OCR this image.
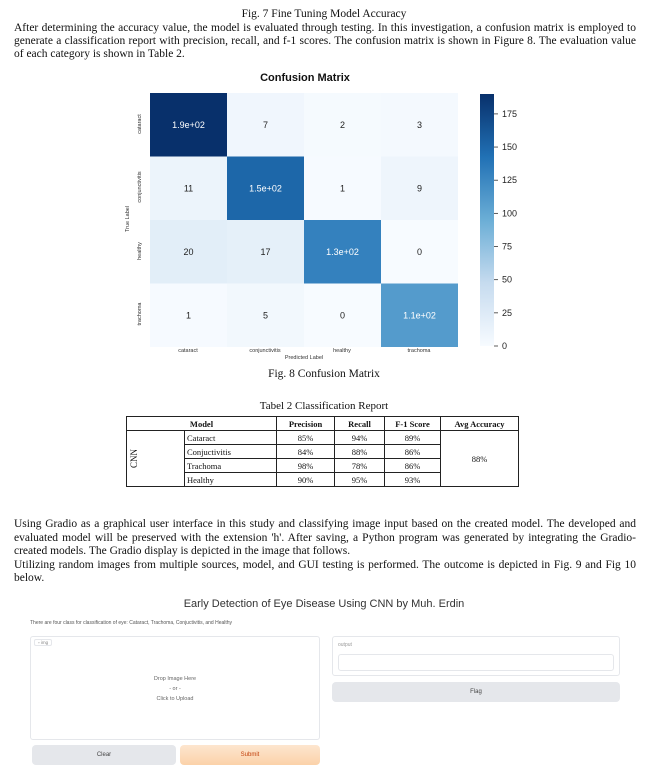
Fig. 7 Fine Tuning Model Accuracy
After determining the accuracy value, the model is evaluated through testing. In this investigation, a confusion matrix is employed to generate a classification report with precision, recall, and f-1 scores. The confusion matrix is shown in Figure 8. The evaluation value of each category is shown in Table 2.
Confusion Matrix
1.9e+02	7	2	3
11	1.5e+02	1	9
20	17	1.3e+02	0
1	5	0	1.1e+02
175
150
125
100
75
50
25
0
cataract
conjunctivitis
healthy
trachoma
True Label
cataract	conjunctivitis	healthy	trachoma
Predicted Label
Fig. 8 Confusion Matrix
Tabel 2 Classification Report
Model		Precision	Recall	F-1 Score	Avg Accuracy

CNN	Cataract	85%	94%	89%	88%
	Conjuctivitis	84%	88%	86%	
	Trachoma	98%	78%	86%	
	Healthy	90%	95%	93%	
Using Gradio as a graphical user interface in this study and classifying image input based on the created model. The developed and evaluated model will be preserved with the extension 'h'. After saving, a Python program was generated by integrating the Gradio-created models. The Gradio display is depicted in the image that follows.
Utilizing random images from multiple sources, model, and GUI testing is performed. The outcome is depicted in Fig. 9 and Fig 10 below.
Early Detection of Eye Disease Using CNN by Muh. Erdin
There are four class for classification of eye: Cataract, Trachoma, Conjuctivitis, and Healthy
▫ img
Drop Image Here
- or -
Click to Upload
Clear	Submit
output
Flag
